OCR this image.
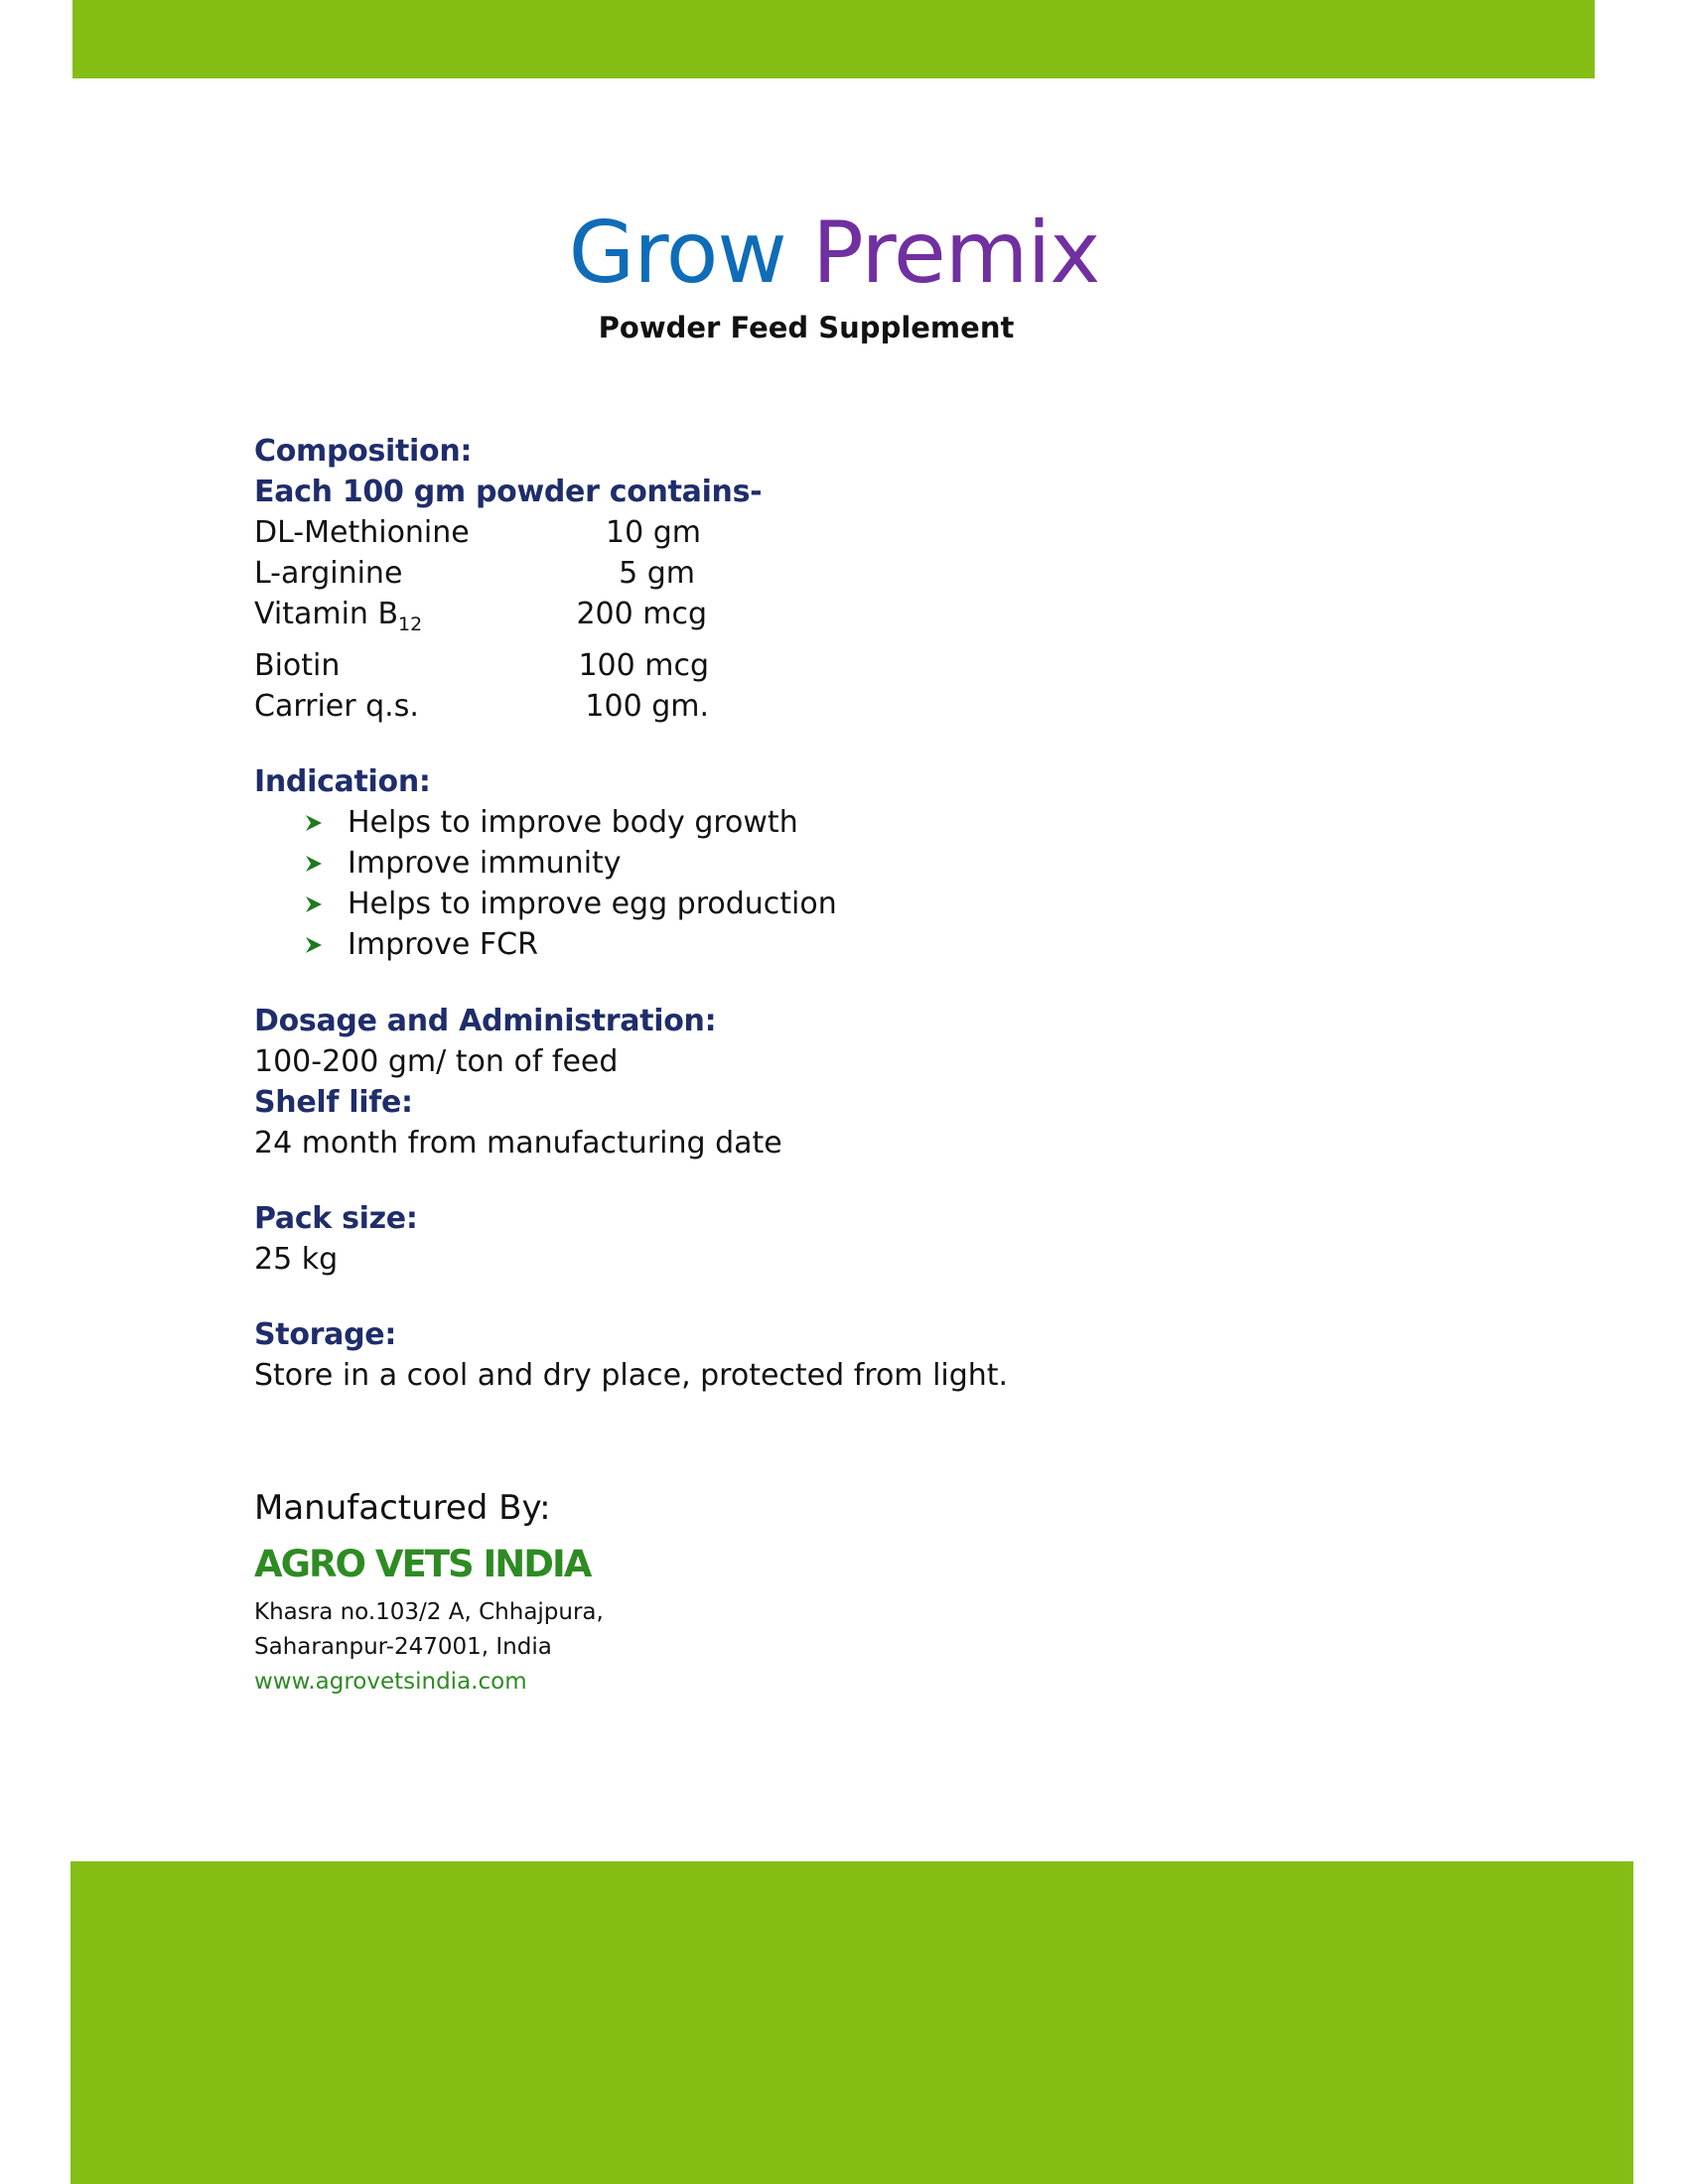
Grow Premix
Powder Feed Supplement
Composition:
Each 100 gm powder contains-
DL-Methionine	10 gm
L-arginine	5 gm
Vitamin $B_{12}$	200 mcg
Biotin	100 mcg
Carrier q.s.	100 gm.
Indication:
Helps to improve body growth
Improve immunity
Helps to improve egg production
Improve FCR
Dosage and Administration:
100-200 gm/ ton of feed
Shelf life:
24 month from manufacturing date
Pack size:
25 kg
Storage:
Store in a cool and dry place, protected from light.
Manufactured By:
AGRO VETS INDIA
Khasra no.103/2 A, Chhajpura,
Saharanpur-247001, India
www.agrovetsindia.com
